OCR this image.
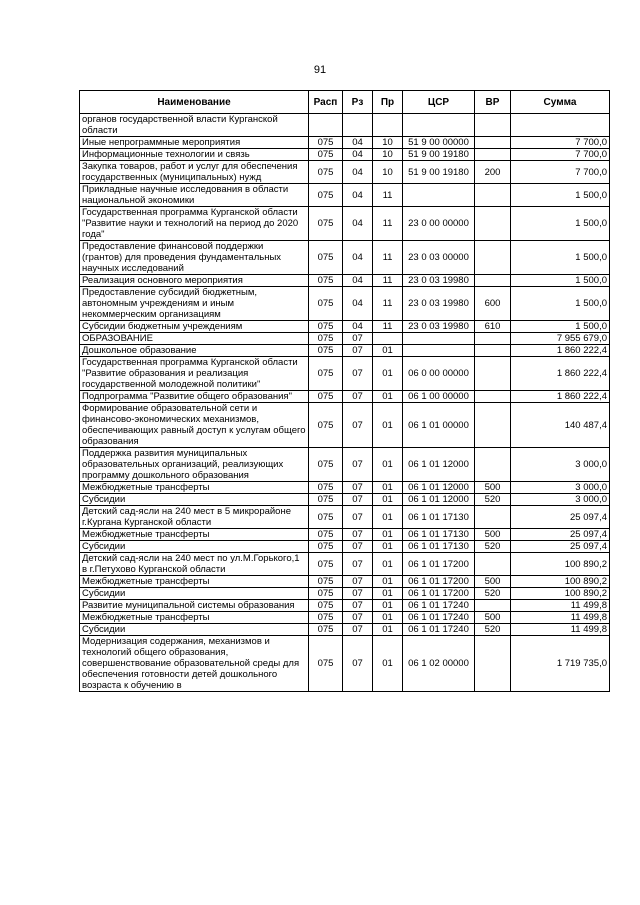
91
Наименование	Расп	Рз	Пр	ЦСР	ВР	Сумма
органов государственной власти Курганской области						
Иные непрограммные мероприятия	075	04	10	51 9 00 00000		7 700,0
Информационные технологии и связь	075	04	10	51 9 00 19180		7 700,0
Закупка товаров, работ и услуг для обеспечения государственных (муниципальных) нужд	075	04	10	51 9 00 19180	200	7 700,0
Прикладные научные исследования в области национальной экономики	075	04	11			1 500,0
Государственная программа Курганской области "Развитие науки и технологий на период до 2020 года"	075	04	11	23 0 00 00000		1 500,0
Предоставление финансовой поддержки (грантов) для проведения фундаментальных научных исследований	075	04	11	23 0 03 00000		1 500,0
Реализация основного мероприятия	075	04	11	23 0 03 19980		1 500,0
Предоставление субсидий бюджетным, автономным учреждениям и иным некоммерческим организациям	075	04	11	23 0 03 19980	600	1 500,0
Субсидии бюджетным учреждениям	075	04	11	23 0 03 19980	610	1 500,0
ОБРАЗОВАНИЕ	075	07				7 955 679,0
Дошкольное образование	075	07	01			1 860 222,4
Государственная программа Курганской области "Развитие образования и реализация государственной молодежной политики"	075	07	01	06 0 00 00000		1 860 222,4
Подпрограмма "Развитие общего образования"	075	07	01	06 1 00 00000		1 860 222,4
Формирование образовательной сети и финансово-экономических механизмов, обеспечивающих равный доступ к услугам общего образования	075	07	01	06 1 01 00000		140 487,4
Поддержка развития муниципальных образовательных организаций, реализующих программу дошкольного образования	075	07	01	06 1 01 12000		3 000,0
Межбюджетные трансферты	075	07	01	06 1 01 12000	500	3 000,0
Субсидии	075	07	01	06 1 01 12000	520	3 000,0
Детский сад-ясли на 240 мест в 5 микрорайоне г.Кургана Курганской области	075	07	01	06 1 01 17130		25 097,4
Межбюджетные трансферты	075	07	01	06 1 01 17130	500	25 097,4
Субсидии	075	07	01	06 1 01 17130	520	25 097,4
Детский сад-ясли на 240 мест по ул.М.Горького,1 в г.Петухово Курганской области	075	07	01	06 1 01 17200		100 890,2
Межбюджетные трансферты	075	07	01	06 1 01 17200	500	100 890,2
Субсидии	075	07	01	06 1 01 17200	520	100 890,2
Развитие муниципальной системы образования	075	07	01	06 1 01 17240		11 499,8
Межбюджетные трансферты	075	07	01	06 1 01 17240	500	11 499,8
Субсидии	075	07	01	06 1 01 17240	520	11 499,8
Модернизация содержания, механизмов и технологий общего образования, совершенствование образовательной среды для обеспечения готовности детей дошкольного возраста к обучению в	075	07	01	06 1 02 00000		1 719 735,0
